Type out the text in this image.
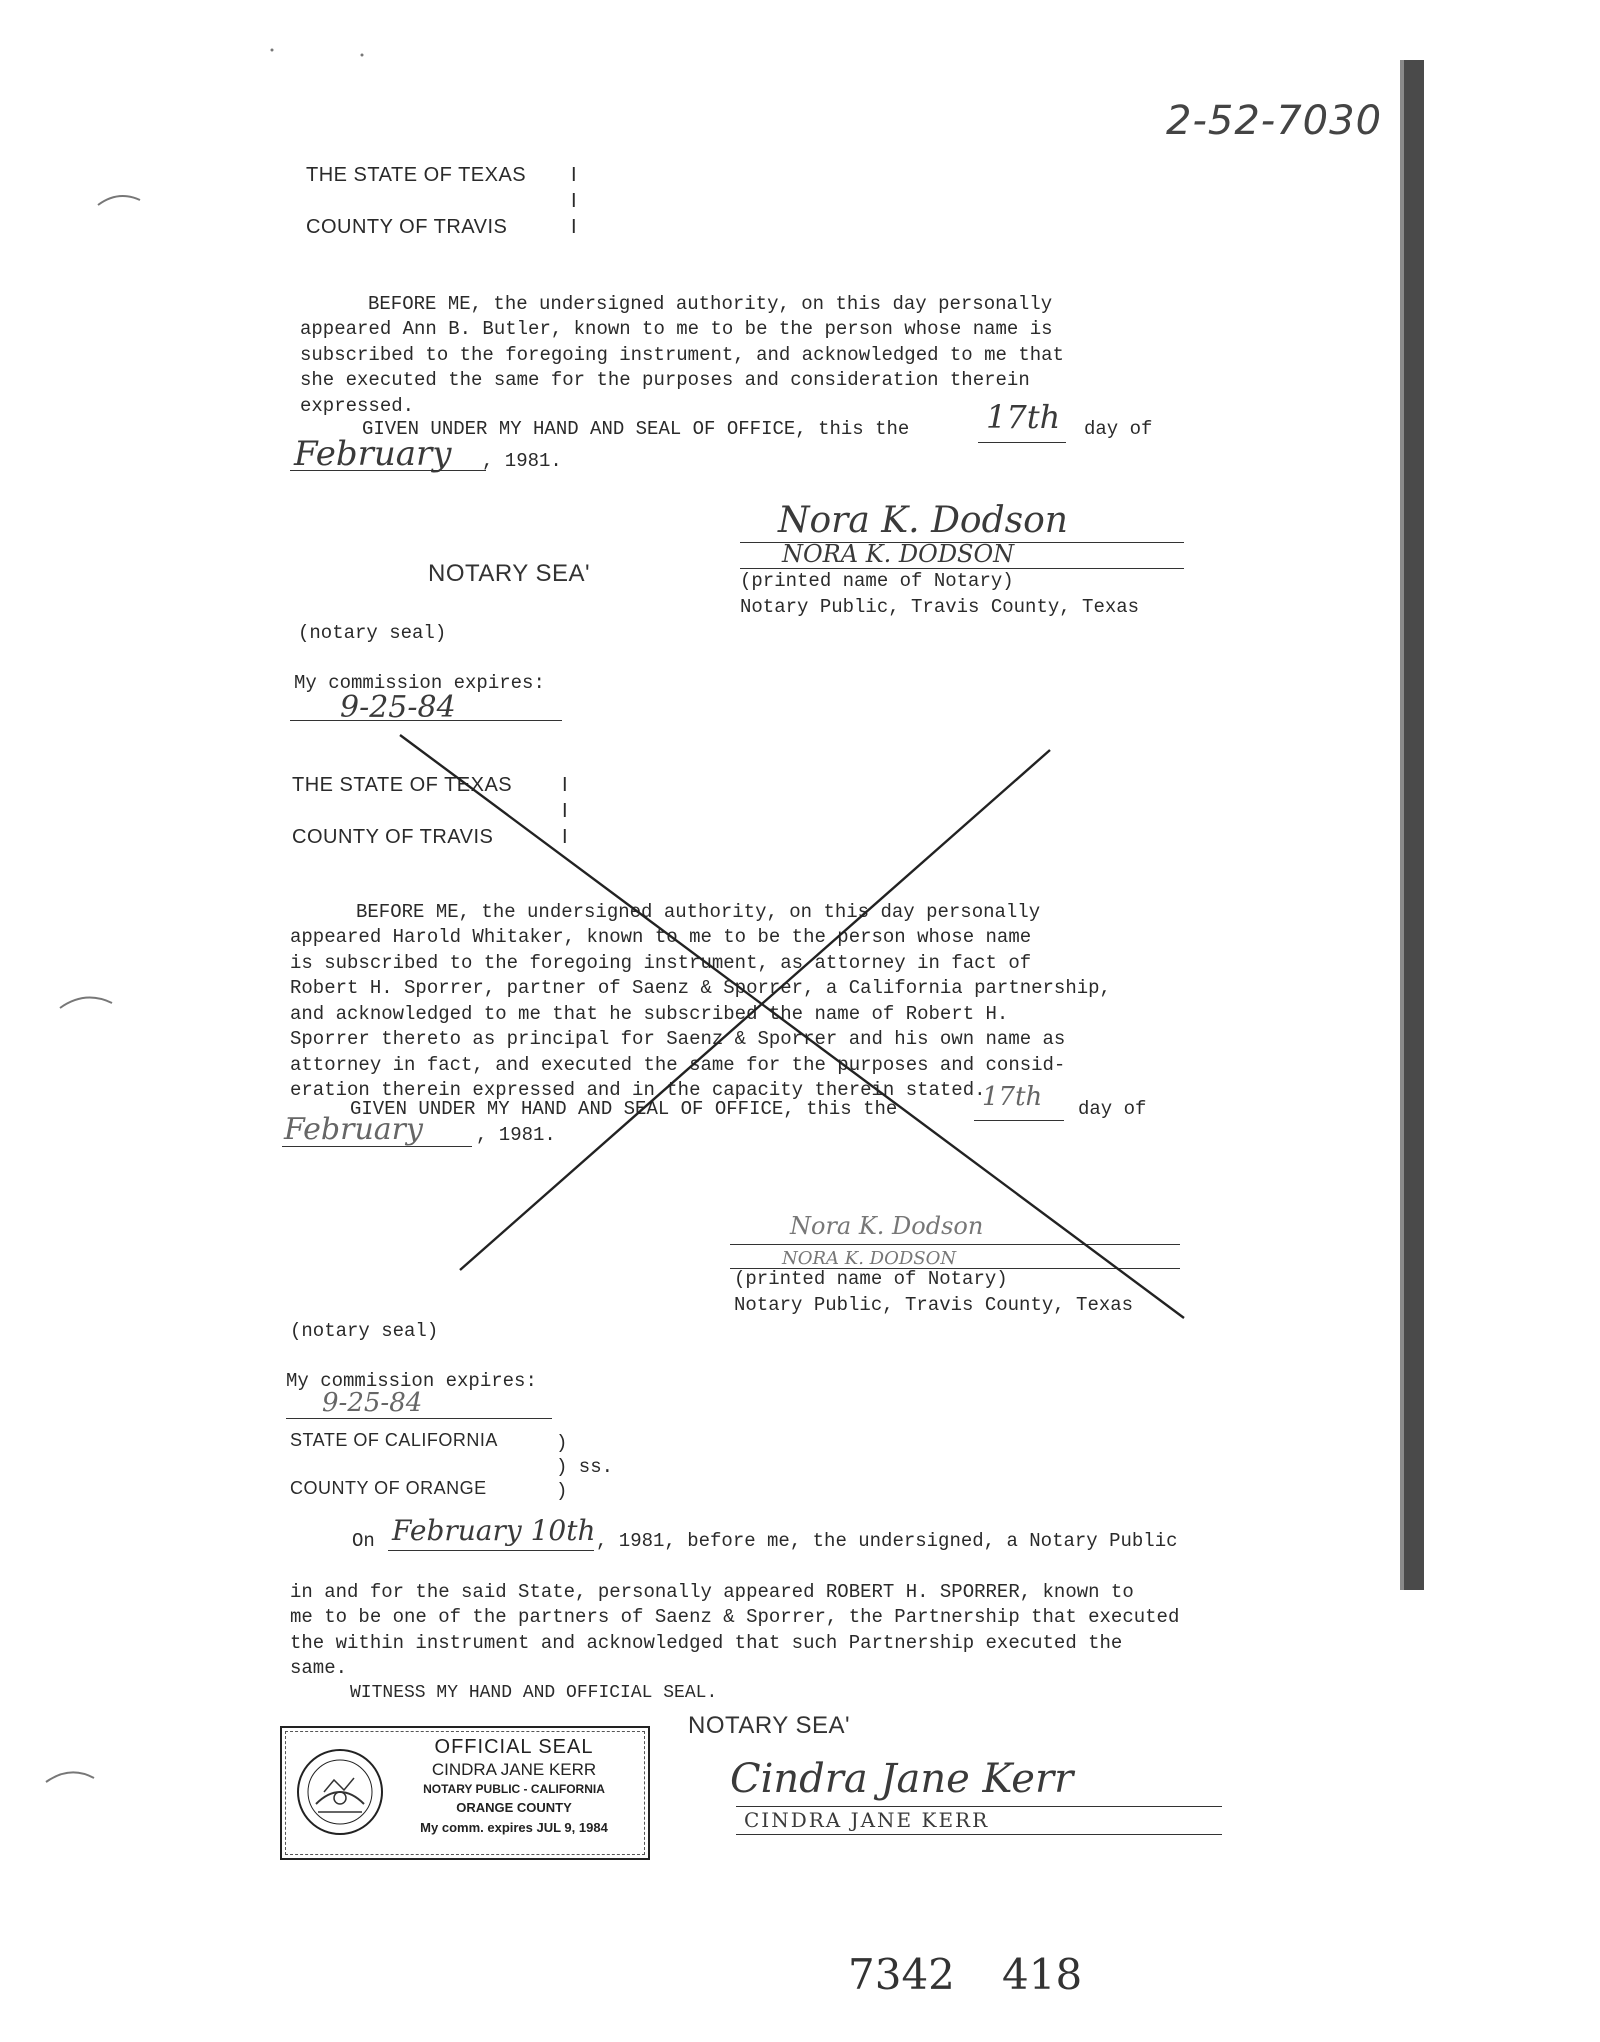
2-52-7030
THE STATE OF TEXAS I
I
COUNTY OF TRAVIS	I

BEFORE ME, the undersigned authority, on this day personally
appeared Ann B. Butler, known to me to be the person whose name is
subscribed to the foregoing instrument, and acknowledged to me that
she executed the same for the purposes and consideration therein
expressed.

GIVEN UNDER MY HAND AND SEAL OF OFFICE, this the 17th day of
February , 1981.
NOTARY SEA'
Nora K. Dodson
NORA K. DODSON
(printed name of Notary)
Notary Public, Travis County, Texas
(notary seal)
My commission expires:
9-25-84
THE STATE OF TEXAS I
I
COUNTY OF TRAVIS	I

BEFORE ME, the undersigned authority, on this day personally
appeared Harold Whitaker, known to me to be the person whose name
is subscribed to the foregoing instrument, as attorney in fact of
Robert H. Sporrer, partner of Saenz & Sporrer, a California partnership,
and acknowledged to me that he subscribed the name of Robert H.
Sporrer thereto as principal for Saenz & Sporrer and his own name as
attorney in fact, and executed the same for the purposes and consid-
eration therein expressed and in the capacity therein stated.

GIVEN UNDER MY HAND AND SEAL OF OFFICE, this the	17th day of
February	, 1981.
Nora K. Dodson
NORA K. DODSON
(printed name of Notary)
Notary Public, Travis County, Texas
(notary seal)
My commission expires:
9-25-84
STATE OF CALIFORNIA	)
) ss.
COUNTY OF ORANGE	)
On February 10th , 1981, before me, the undersigned, a Notary Public

in and for the said State, personally appeared ROBERT H. SPORRER, known to
me to be one of the partners of Saenz & Sporrer, the Partnership that executed
the within instrument and acknowledged that such Partnership executed the
same.

WITNESS MY HAND AND OFFICIAL SEAL.
NOTARY SEA'
OFFICIAL SEAL
CINDRA JANE KERR
NOTARY PUBLIC - CALIFORNIA
ORANGE COUNTY
My comm. expires JUL 9, 1984
Cindra Jane Kerr
CINDRA JANE KERR
7342 418
